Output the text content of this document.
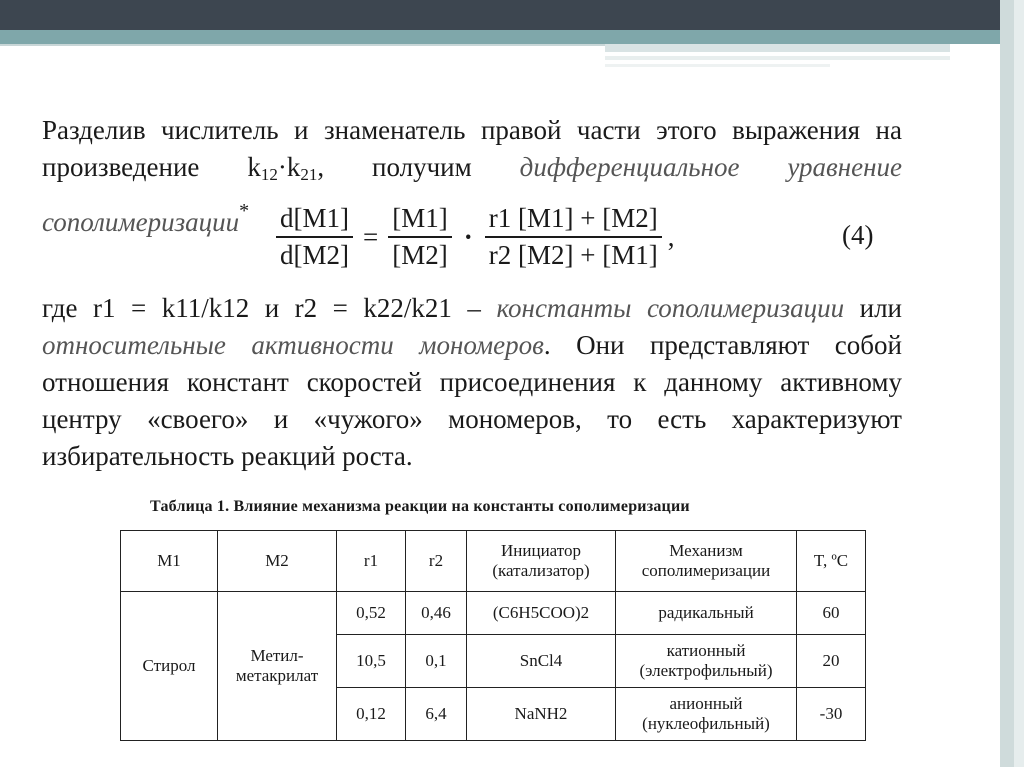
Разделив числитель и знаменатель правой части этого выражения на
произведение $k_{12}\cdot k_{21}$, получим дифференциальное уравнение сополимеризации* $\frac{d[M1]}{d[M2]} = \frac{[M1]}{[M2]} \cdot \frac{r1 [M1] + [M2]}{r2 [M2] + [M1]}$ ,	(4)
где r1 = k11/k12 и r2 = k22/k21 – константы сополимеризации или относительные активности мономеров. Они представляют собой отношения констант скоростей присоединения к данному активному центру «своего» и «чужого» мономеров, то есть характеризуют избирательность реакций роста.
Таблица 1. Влияние механизма реакции на константы сополимеризации
M1	M2	r1	r2	Инициатор (катализатор)	Механизм сополимеризации	T, ºC
Стирол	Метил-метакрилат	0,52	0,46	(C6H5COO)2	радикальный	60
		10,5	0,1	SnCl4	катионный (электрофильный)	20
		0,12	6,4	NaNH2	анионный (нуклеофильный)	-30
